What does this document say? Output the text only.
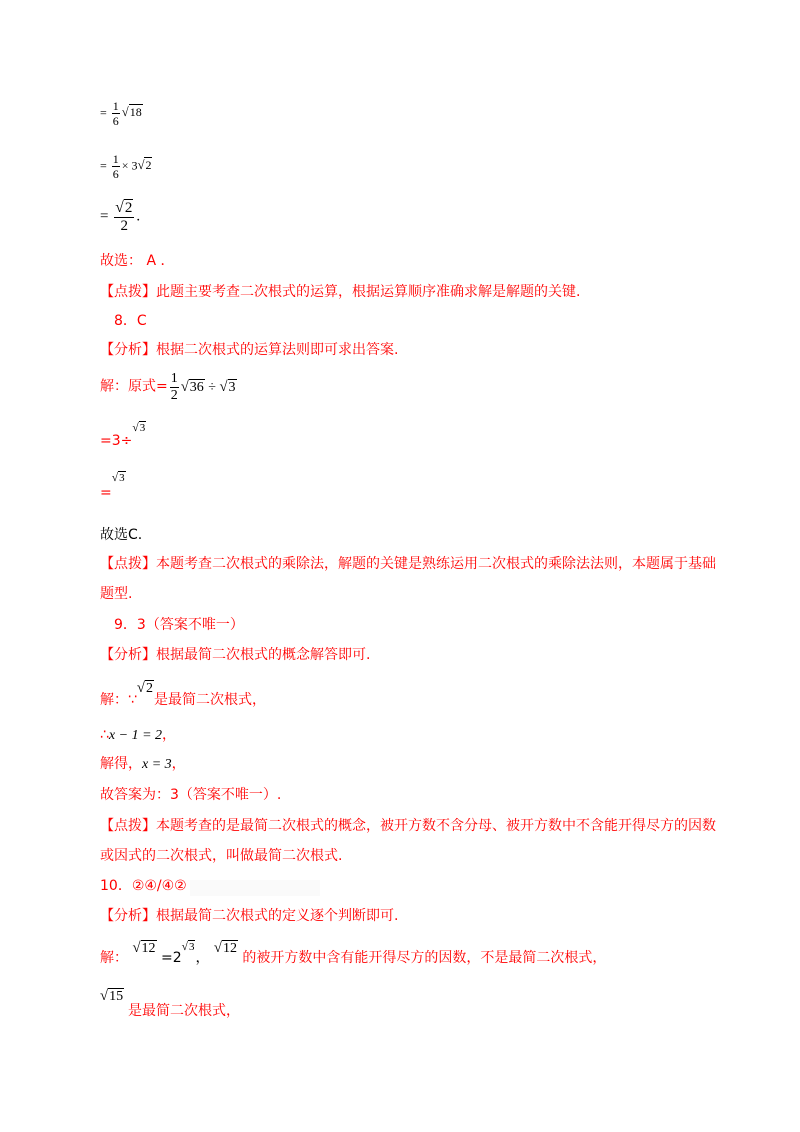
= $\frac{1}{6} √18$
= $\frac{1}{6} \times 3√2$
= $\frac{√2}{2}$ .
故选： A ．
【点拨】此题主要考查二次根式的运算，根据运算顺序准确求解是解题的关键.
8．C
【分析】根据二次根式的运算法则即可求出答案.
解：原式= $\frac{1}{2} √36 \div √3$
=3÷√3
=√3
故选C.
【点拨】本题考查二次根式的乘除法，解题的关键是熟练运用二次根式的乘除法法则，本题属于基础
题型.
9．3（答案不唯一）
【分析】根据最简二次根式的概念解答即可.
解：∵√2是最简二次根式，
∴x − 1 = 2，
解得，x = 3，
故答案为：3（答案不唯一）.
【点拨】本题考查的是最简二次根式的概念，被开方数不含分母、被开方数中不含能开得尽方的因数
或因式的二次根式，叫做最简二次根式.
10．②④/④②
【分析】根据最简二次根式的定义逐个判断即可.
解： √12 =2√3， √12 的被开方数中含有能开得尽方的因数，不是最简二次根式，
√15
是最简二次根式，
